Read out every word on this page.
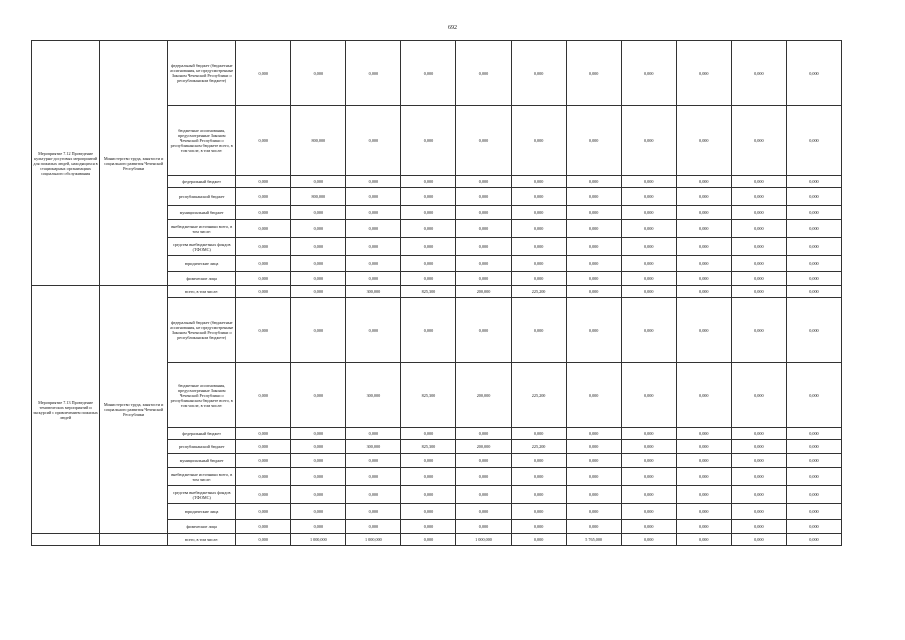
692
Мероприятие 7.12 Проведение культурно-досуговых мероприятий для пожилых людей, находящихся в стационарных организациях социального обслуживания	Министерство труда, занятости и социального развития Чеченской Республики	федеральный бюджет (бюджетные ассигнования, не предусмотренные Законом Чеченской Республики о республиканском бюджете)	0,000	0,000	0,000	0,000	0,000	0,000	0,000	0,000	0,000	0,000	0,000
		бюджетные ассигнования, предусмотренные Законом Чеченской Республики о республиканском бюджете всего, в том числе, в том числе:	0,000	800,000	0,000	0,000	0,000	0,000	0,000	0,000	0,000	0,000	0,000
		федеральный бюджет	0,000	0,000	0,000	0,000	0,000	0,000	0,000	0,000	0,000	0,000	0,000
		республиканский бюджет	0,000	800,000	0,000	0,000	0,000	0,000	0,000	0,000	0,000	0,000	0,000
		муниципальный бюджет	0,000	0,000	0,000	0,000	0,000	0,000	0,000	0,000	0,000	0,000	0,000
		внебюджетные источники всего, в том числе:	0,000	0,000	0,000	0,000	0,000	0,000	0,000	0,000	0,000	0,000	0,000
		средства внебюджетных фондов (ТФОМС)	0,000	0,000	0,000	0,000	0,000	0,000	0,000	0,000	0,000	0,000	0,000
		юридические лица	0,000	0,000	0,000	0,000	0,000	0,000	0,000	0,000	0,000	0,000	0,000
		физические лица	0,000	0,000	0,000	0,000	0,000	0,000	0,000	0,000	0,000	0,000	0,000
Мероприятие 7.13 Проведение тематических мероприятий и экскурсий с привлечением пожилых людей	Министерство труда, занятости и социального развития Чеченской Республики	всего, в том числе:	0,000	0,000	300,000	825,300	200,000	225,200	0,000	0,000	0,000	0,000	0,000
		федеральный бюджет (бюджетные ассигнования, не предусмотренные Законом Чеченской Республики о республиканском бюджете)	0,000	0,000	0,000	0,000	0,000	0,000	0,000	0,000	0,000	0,000	0,000
		бюджетные ассигнования, предусмотренные Законом Чеченской Республики о республиканском бюджете всего, в том числе, в том числе:	0,000	0,000	300,000	825,300	200,000	225,200	0,000	0,000	0,000	0,000	0,000
		федеральный бюджет	0,000	0,000	0,000	0,000	0,000	0,000	0,000	0,000	0,000	0,000	0,000
		республиканский бюджет	0,000	0,000	300,000	825,300	200,000	225,200	0,000	0,000	0,000	0,000	0,000
		муниципальный бюджет	0,000	0,000	0,000	0,000	0,000	0,000	0,000	0,000	0,000	0,000	0,000
		внебюджетные источники всего, в том числе:	0,000	0,000	0,000	0,000	0,000	0,000	0,000	0,000	0,000	0,000	0,000
		средства внебюджетных фондов (ТФОМС)	0,000	0,000	0,000	0,000	0,000	0,000	0,000	0,000	0,000	0,000	0,000
		юридические лица	0,000	0,000	0,000	0,000	0,000	0,000	0,000	0,000	0,000	0,000	0,000
		физические лица	0,000	0,000	0,000	0,000	0,000	0,000	0,000	0,000	0,000	0,000	0,000
		всего, в том числе:	0,000	1 000,000	1 000,000	0,000	1 000,000	0,000	5 765,000	0,000	0,000	0,000	0,000
